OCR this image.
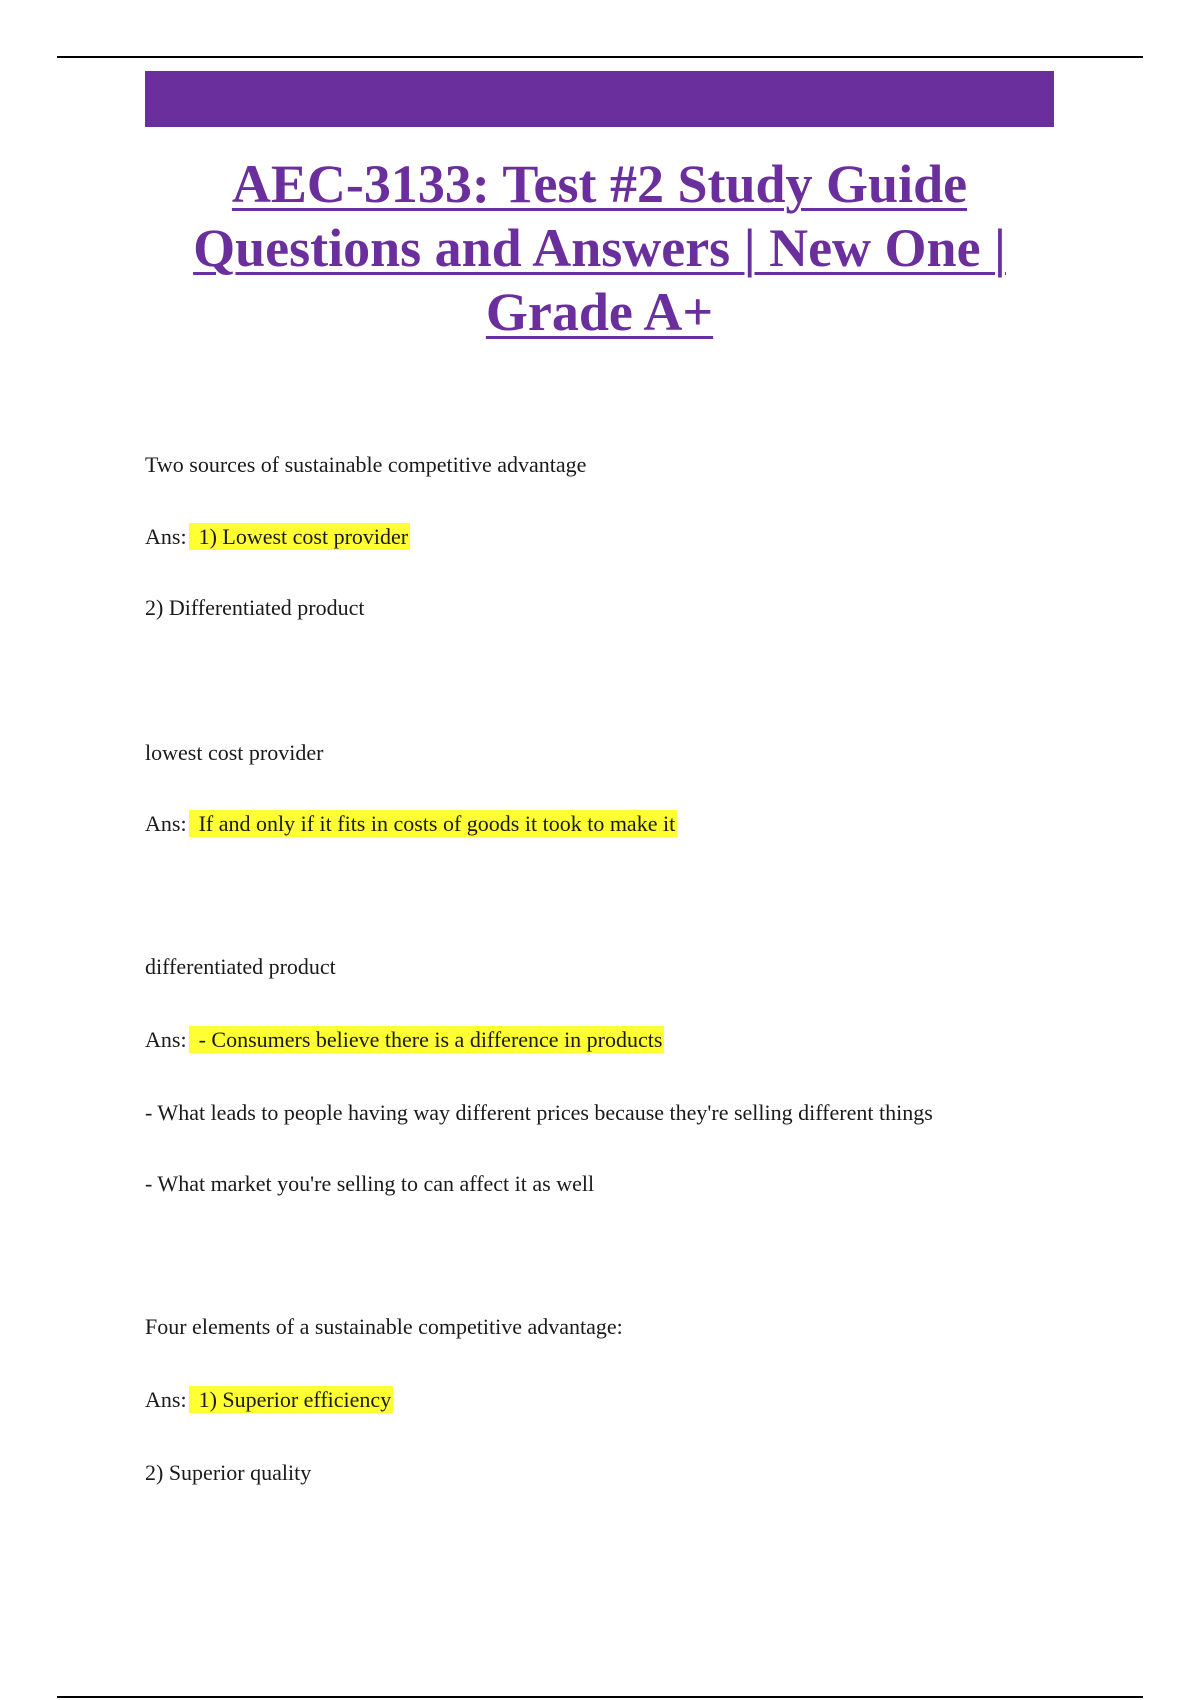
AEC-3133: Test #2 Study Guide Questions and Answers | New One | Grade A+
Two sources of sustainable competitive advantage
Ans: 1) Lowest cost provider
2) Differentiated product
lowest cost provider
Ans: If and only if it fits in costs of goods it took to make it
differentiated product
Ans: - Consumers believe there is a difference in products
- What leads to people having way different prices because they're selling different things
- What market you're selling to can affect it as well
Four elements of a sustainable competitive advantage:
Ans: 1) Superior efficiency
2) Superior quality
